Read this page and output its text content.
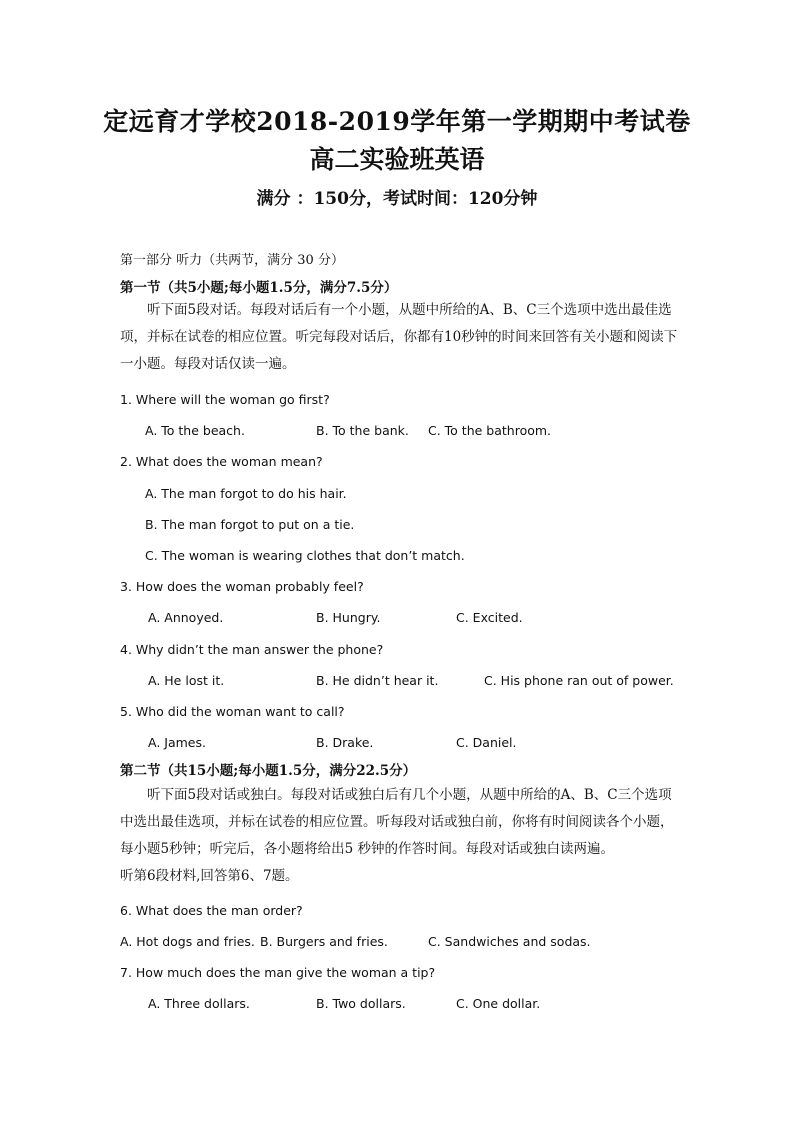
定远育才学校2018-2019学年第一学期期中考试卷
高二实验班英语
满分 ：150分，考试时间：120分钟
第一部分 听力（共两节，满分 30 分）
第一节（共5小题;每小题1.5分，满分7.5分）
听下面5段对话。每段对话后有一个小题，从题中所给的A、B、C三个选项中选出最佳选项，并标在试卷的相应位置。听完每段对话后，你都有10秒钟的时间来回答有关小题和阅读下一小题。每段对话仅读一遍。
1. Where will the woman go first?
A. To the beach.	B. To the bank. C. To the bathroom.
2. What does the woman mean?
A. The man forgot to do his hair.
B. The man forgot to put on a tie.
C. The woman is wearing clothes that don’t match.
3. How does the woman probably feel?
A. Annoyed.	B. Hungry.	C. Excited.
4. Why didn’t the man answer the phone?
A. He lost it.	B. He didn’t hear it.	C. His phone ran out of power.
5. Who did the woman want to call?
A. James.	B. Drake.	C. Daniel.
第二节（共15小题;每小题1.5分，满分22.5分）
听下面5段对话或独白。每段对话或独白后有几个小题，从题中所给的A、B、C三个选项中选出最佳选项，并标在试卷的相应位置。听每段对话或独白前，你将有时间阅读各个小题，每小题5秒钟；听完后，各小题将给出5 秒钟的作答时间。每段对话或独白读两遍。
听第6段材料,回答第6、7题。
6. What does the man order?
A. Hot dogs and fries. B. Burgers and fries.	C. Sandwiches and sodas.
7. How much does the man give the woman a tip?
A. Three dollars.	B. Two dollars.	C. One dollar.
